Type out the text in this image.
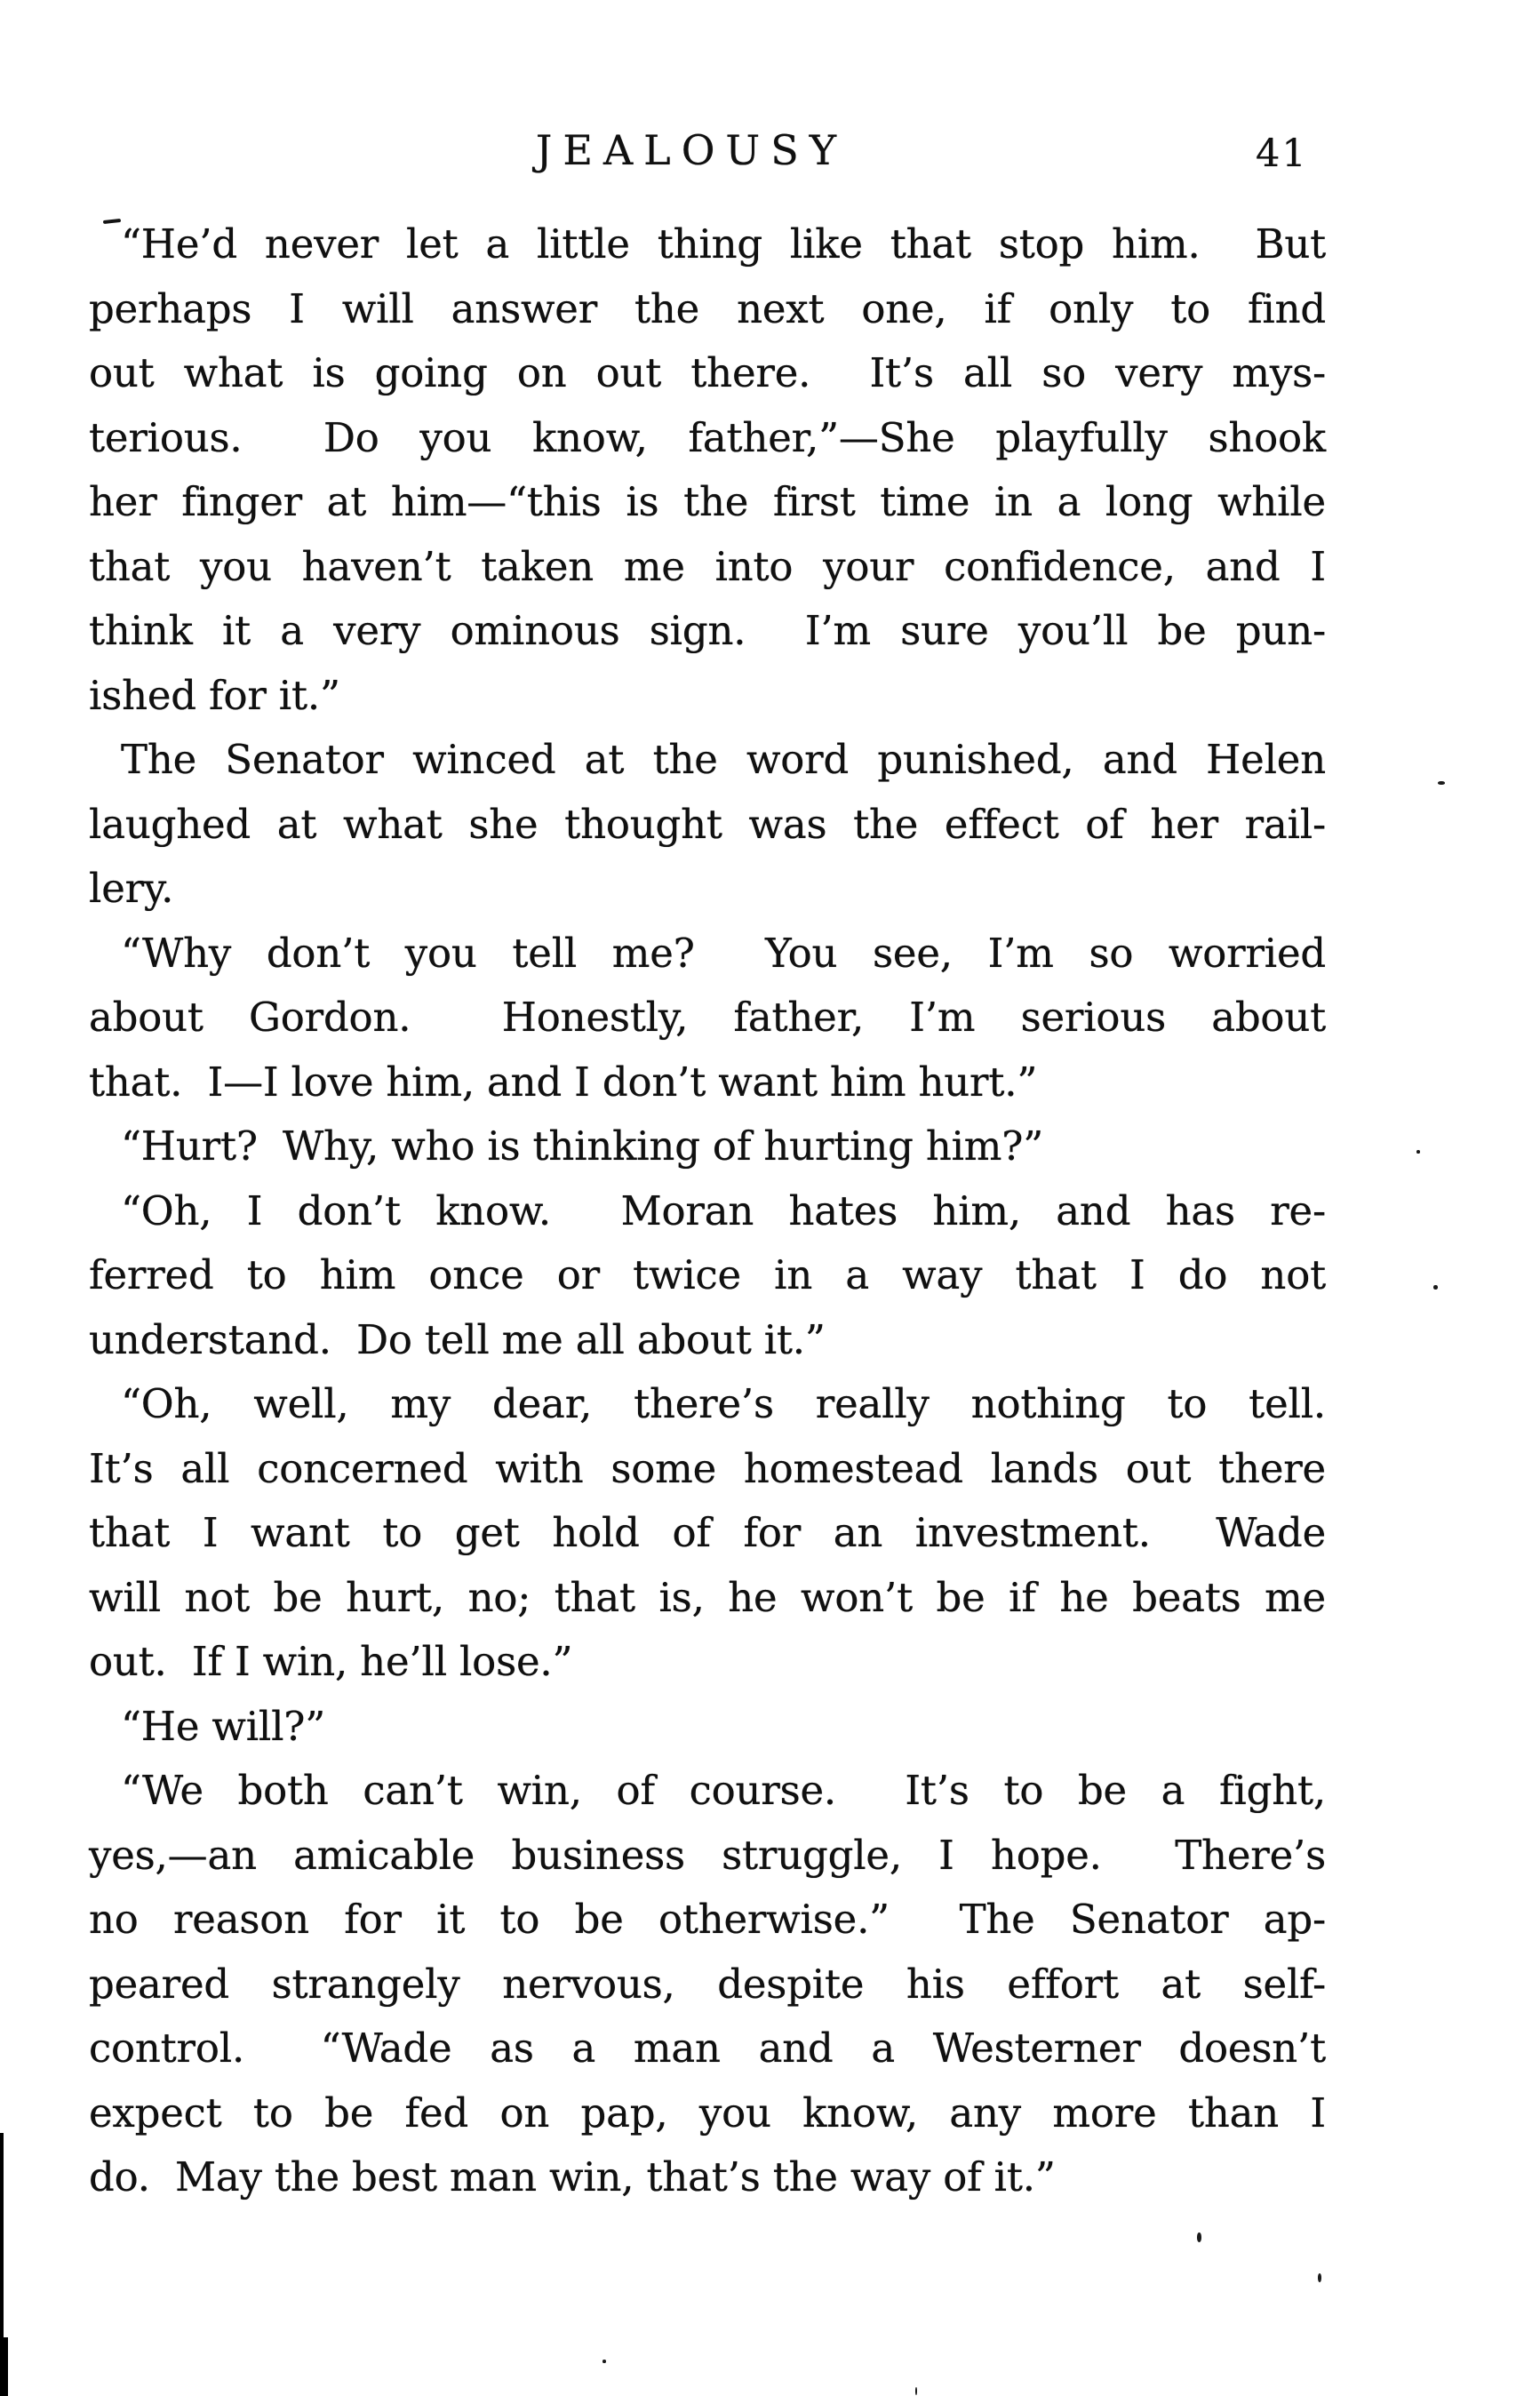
JEALOUSY	41

“He’d never let a little thing like that stop him.  But
perhaps I will answer the next one, if only to find
out what is going on out there.  It’s all so very mys-
terious.  Do you know, father,”—She playfully shook
her finger at him—“this is the first time in a long while
that you haven’t taken me into your confidence, and I
think it a very ominous sign.  I’m sure you’ll be pun-
ished for it.”

The Senator winced at the word punished, and Helen
laughed at what she thought was the effect of her rail-
lery.

“Why don’t you tell me?  You see, I’m so worried
about Gordon.  Honestly, father, I’m serious about
that.  I—I love him, and I don’t want him hurt.”

“Hurt?  Why, who is thinking of hurting him?”

“Oh, I don’t know.  Moran hates him, and has re-
ferred to him once or twice in a way that I do not
understand.  Do tell me all about it.”

“Oh, well, my dear, there’s really nothing to tell.
It’s all concerned with some homestead lands out there
that I want to get hold of for an investment.  Wade
will not be hurt, no; that is, he won’t be if he beats me
out.  If I win, he’ll lose.”

“He will?”

“We both can’t win, of course.  It’s to be a fight,
yes,—an amicable business struggle, I hope.  There’s
no reason for it to be otherwise.”  The Senator ap-
peared strangely nervous, despite his effort at self-
control.  “Wade as a man and a Westerner doesn’t
expect to be fed on pap, you know, any more than I
do.  May the best man win, that’s the way of it.”
